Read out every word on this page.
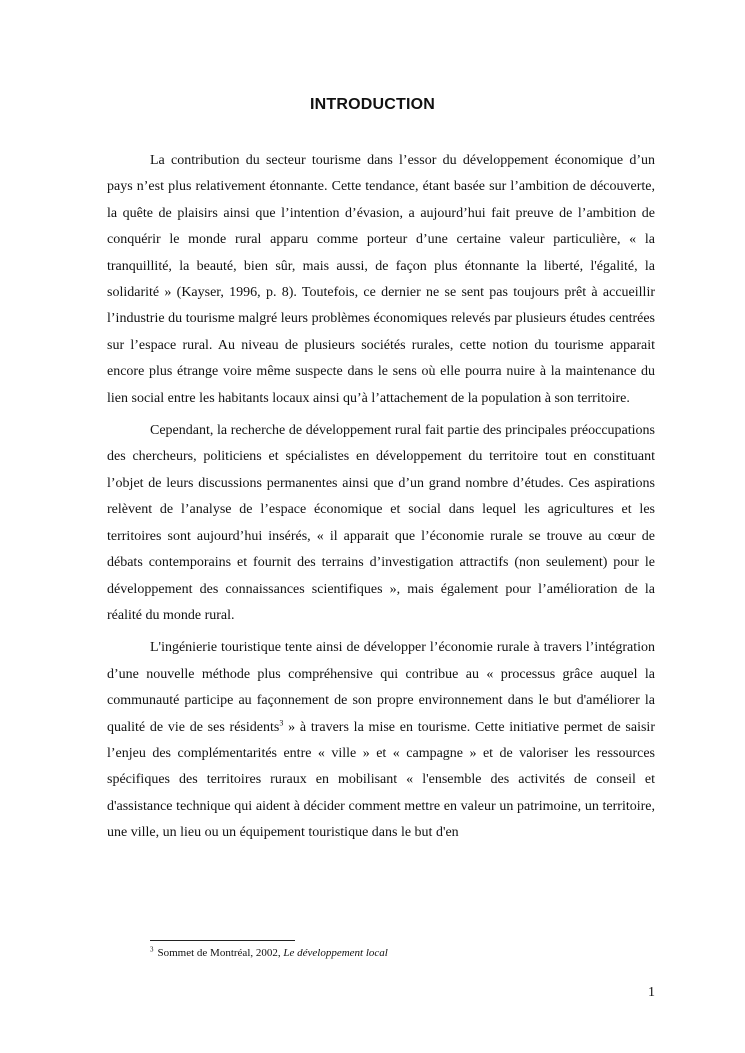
INTRODUCTION

La contribution du secteur tourisme dans l’essor du développement économique d’un pays n’est plus relativement étonnante. Cette tendance, étant basée sur l’ambition de découverte, la quête de plaisirs ainsi que l’intention d’évasion, a aujourd’hui fait preuve de l’ambition de conquérir le monde rural apparu comme porteur d’une certaine valeur particulière, « la tranquillité, la beauté, bien sûr, mais aussi, de façon plus étonnante la liberté, l'égalité, la solidarité » (Kayser, 1996, p. 8). Toutefois, ce dernier ne se sent pas toujours prêt à accueillir l’industrie du tourisme malgré leurs problèmes économiques relevés par plusieurs études centrées sur l’espace rural. Au niveau de plusieurs sociétés rurales, cette notion du tourisme apparait encore plus étrange voire même suspecte dans le sens où elle pourra nuire à la maintenance du lien social entre les habitants locaux ainsi qu’à l’attachement de la population à son territoire.

Cependant, la recherche de développement rural fait partie des principales préoccupations des chercheurs, politiciens et spécialistes en développement du territoire tout en constituant l’objet de leurs discussions permanentes ainsi que d’un grand nombre d’études. Ces aspirations relèvent de l’analyse de l’espace économique et social dans lequel les agricultures et les territoires sont aujourd’hui insérés, « il apparait que l’économie rurale se trouve au cœur de débats contemporains et fournit des terrains d’investigation attractifs (non seulement) pour le développement des connaissances scientifiques », mais également pour l’amélioration de la réalité du monde rural.

L'ingénierie touristique tente ainsi de développer l’économie rurale à travers l’intégration d’une nouvelle méthode plus compréhensive qui contribue au « processus grâce auquel la communauté participe au façonnement de son propre environnement dans le but d'améliorer la qualité de vie de ses résidents$^3$ » à travers la mise en tourisme. Cette initiative permet de saisir l’enjeu des complémentarités entre « ville » et « campagne » et de valoriser les ressources spécifiques des territoires ruraux en mobilisant « l'ensemble des activités de conseil et d'assistance technique qui aident à décider comment mettre en valeur un patrimoine, un territoire, une ville, un lieu ou un équipement touristique dans le but d'en

$^3$ Sommet de Montréal, 2002, Le développement local
1
